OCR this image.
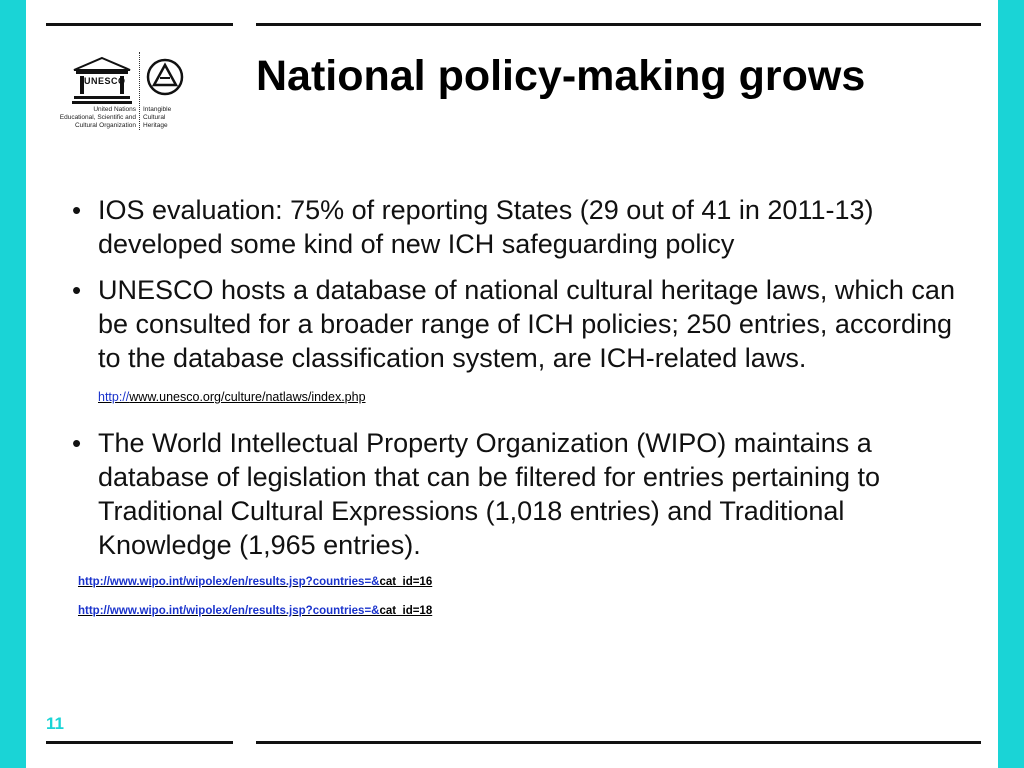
UNESCO
United Nations
Educational, Scientific and
Cultural Organization
Intangible
Cultural
Heritage
National policy-making grows
• IOS evaluation: 75% of reporting States (29 out of 41 in 2011-13) developed some kind of new ICH safeguarding policy
• UNESCO hosts a database of national cultural heritage laws, which can be consulted for a broader range of ICH policies; 250 entries, according to the database classification system, are ICH-related laws. http://www.unesco.org/culture/natlaws/index.php
• The World Intellectual Property Organization (WIPO) maintains a database of legislation that can be filtered for entries pertaining to Traditional Cultural Expressions (1,018 entries) and Traditional Knowledge (1,965 entries).
http://www.wipo.int/wipolex/en/results.jsp?countries=&cat_id=16
http://www.wipo.int/wipolex/en/results.jsp?countries=&cat_id=18
11
